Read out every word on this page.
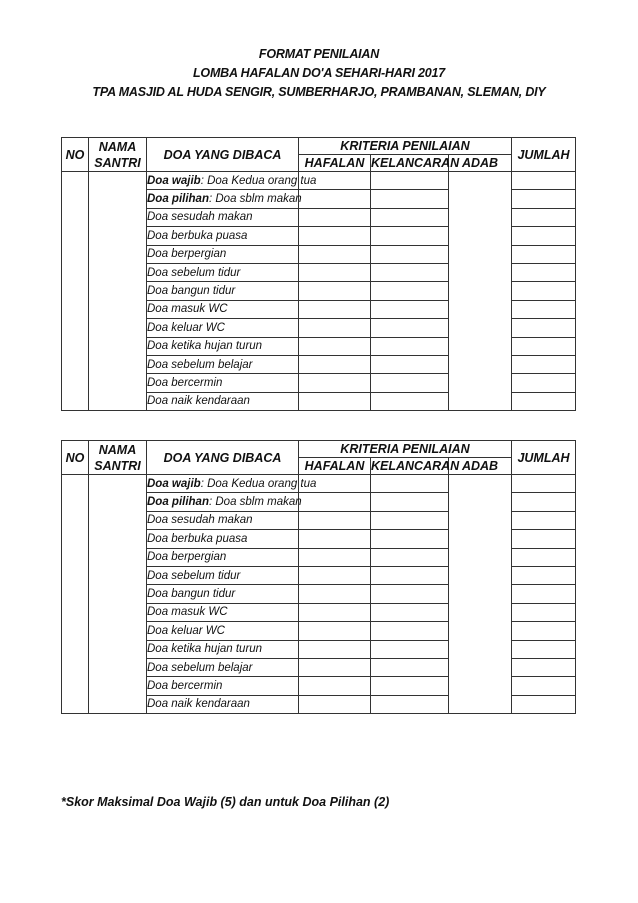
FORMAT PENILAIAN
LOMBA HAFALAN DO'A SEHARI-HARI 2017
TPA MASJID AL HUDA SENGIR, SUMBERHARJO, PRAMBANAN, SLEMAN, DIY
NO	NAMA SANTRI	DOA YANG DIBACA	KRITERIA PENILAIAN			JUMLAH
			HAFALAN	KELANCARAN	ADAB	
		Doa wajib: Doa Kedua orang tua				
		Doa pilihan: Doa sblm makan				
		Doa sesudah makan				
		Doa berbuka puasa				
		Doa berpergian				
		Doa sebelum tidur				
		Doa bangun tidur				
		Doa masuk WC				
		Doa keluar WC				
		Doa ketika hujan turun				
		Doa sebelum belajar				
		Doa bercermin				
		Doa naik kendaraan				
NO	NAMA SANTRI	DOA YANG DIBACA	KRITERIA PENILAIAN			JUMLAH
			HAFALAN	KELANCARAN	ADAB	
		Doa wajib: Doa Kedua orang tua				
		Doa pilihan: Doa sblm makan				
		Doa sesudah makan				
		Doa berbuka puasa				
		Doa berpergian				
		Doa sebelum tidur				
		Doa bangun tidur				
		Doa masuk WC				
		Doa keluar WC				
		Doa ketika hujan turun				
		Doa sebelum belajar				
		Doa bercermin				
		Doa naik kendaraan				
*Skor Maksimal Doa Wajib (5) dan untuk Doa Pilihan (2)
